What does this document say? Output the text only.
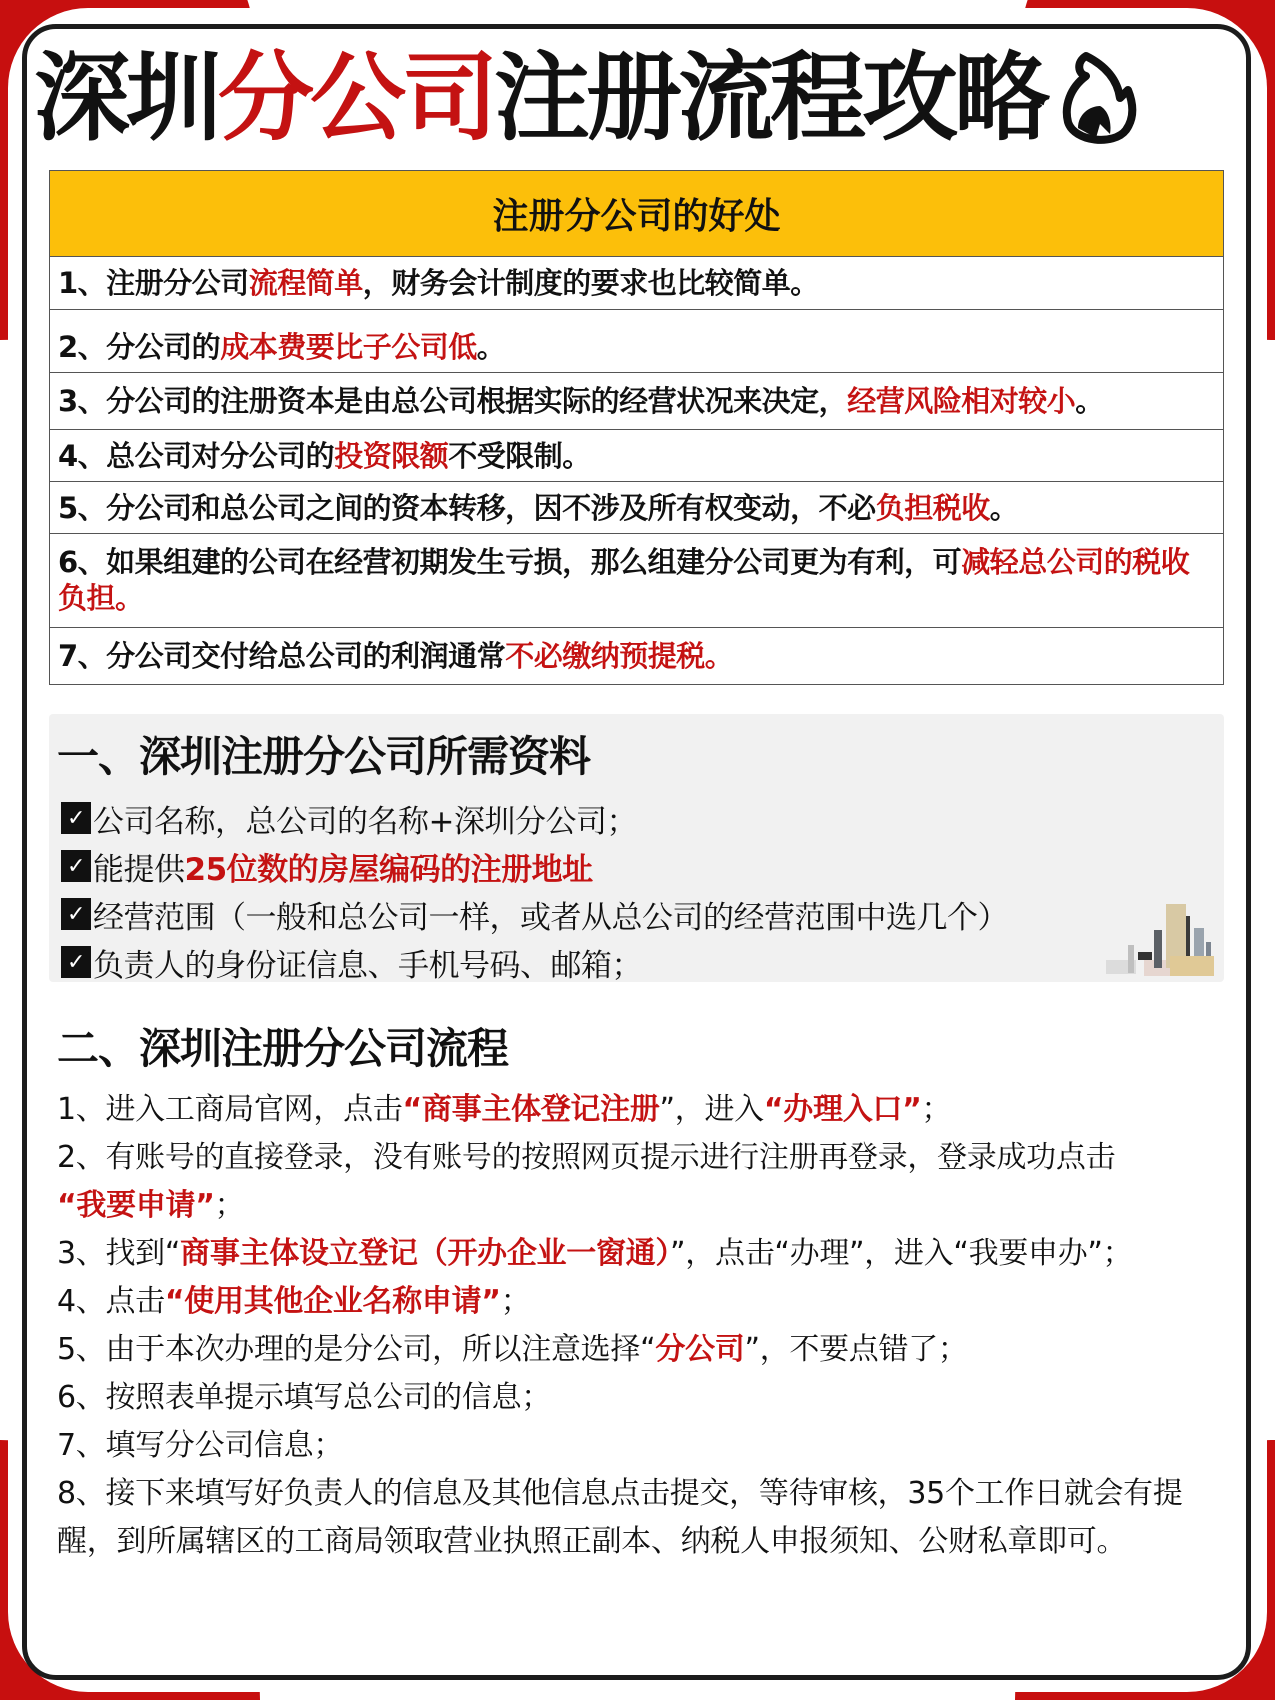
深圳 分公司 注册流程攻略
注册分公司的好处
1、注册分公司 流程简单 ，财务会计制度的要求也比较简单。
2、分公司的 成本费要比子公司低 。
3、分公司的注册资本是由总公司根据实际的经营状况来决定， 经营风险相对较小 。
4、总公司对分公司的 投资限额 不受限制。
5、分公司和总公司之间的资本转移，因不涉及所有权变动，不必 负担税收 。
6、如果组建的公司在经营初期发生亏损，那么组建分公司更为有利，可减轻总公司的税收负担。
7、分公司交付给总公司的利润通常 不必缴纳预提税。
一、深圳注册分公司所需资料
✓ 公司名称，总公司的名称+深圳分公司；
✓ 能提供 25位数的房屋编码的注册地址
✓ 经营范围（一般和总公司一样，或者从总公司的经营范围中选几个）
✓ 负责人的身份证信息、手机号码、邮箱；
二、深圳注册分公司流程
1、进入工商局官网，点击“商事主体登记注册”，进入“办理入口”；
2、有账号的直接登录，没有账号的按照网页提示进行注册再登录，登录成功点击
“我要申请”；
3、找到“商事主体设立登记（开办企业一窗通）”，点击“办理”，进入“我要申办”；
4、点击“使用其他企业名称申请”；
5、由于本次办理的是分公司，所以注意选择“分公司”，不要点错了；
6、按照表单提示填写总公司的信息；
7、填写分公司信息；
8、接下来填写好负责人的信息及其他信息点击提交，等待审核，35个工作日就会有提醒，到所属辖区的工商局领取营业执照正副本、纳税人申报须知、公财私章即可。
